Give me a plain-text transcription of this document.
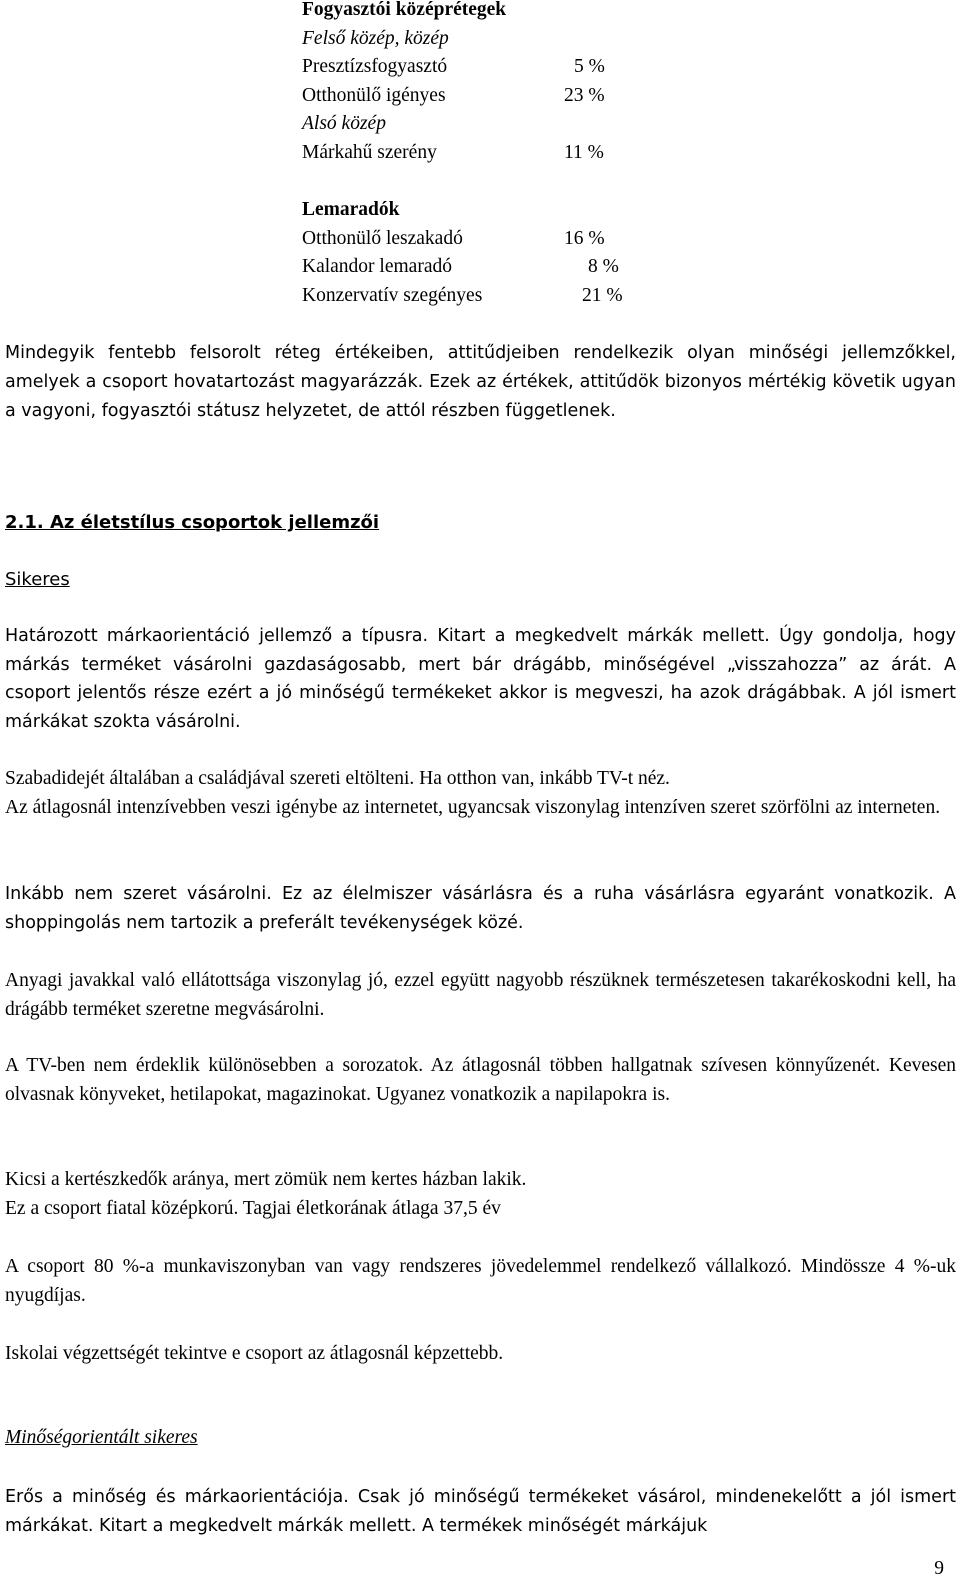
Fogyasztói középrétegek
Felső közép, közép
Presztízsfogyasztó	5 %
Otthonülő igényes	23 %
Alsó közép
Márkahű szerény	11 %
Lemaradók
Otthonülő leszakadó	16 %
Kalandor lemaradó	8 %
Konzervatív szegényes	21 %
Mindegyik fentebb felsorolt réteg értékeiben, attitűdjeiben rendelkezik olyan minőségi jellemzőkkel, amelyek a csoport hovatartozást magyarázzák. Ezek az értékek, attitűdök bizonyos mértékig követik ugyan a vagyoni, fogyasztói státusz helyzetet, de attól részben függetlenek.
2.1. Az életstílus csoportok jellemzői
Sikeres
Határozott márkaorientáció jellemző a típusra. Kitart a megkedvelt márkák mellett. Úgy gondolja, hogy márkás terméket vásárolni gazdaságosabb, mert bár drágább, minőségével „visszahozza” az árát. A csoport jelentős része ezért a jó minőségű termékeket akkor is megveszi, ha azok drágábbak. A jól ismert márkákat szokta vásárolni.
Szabadidejét általában a családjával szereti eltölteni. Ha otthon van, inkább TV-t néz.
Az átlagosnál intenzívebben veszi igénybe az internetet, ugyancsak viszonylag intenzíven szeret szörfölni az interneten.
Inkább nem szeret vásárolni. Ez az élelmiszer vásárlásra és a ruha vásárlásra egyaránt vonatkozik. A shoppingolás nem tartozik a preferált tevékenységek közé.
Anyagi javakkal való ellátottsága viszonylag jó, ezzel együtt nagyobb részüknek természetesen takarékoskodni kell, ha drágább terméket szeretne megvásárolni.
A TV-ben nem érdeklik különösebben a sorozatok. Az átlagosnál többen hallgatnak szívesen könnyűzenét. Kevesen olvasnak könyveket, hetilapokat, magazinokat. Ugyanez vonatkozik a napilapokra is.
Kicsi a kertészkedők aránya, mert zömük nem kertes házban lakik.
Ez a csoport fiatal középkorú. Tagjai életkorának átlaga 37,5 év
A csoport 80 %-a munkaviszonyban van vagy rendszeres jövedelemmel rendelkező vállalkozó. Mindössze 4 %-uk nyugdíjas.
Iskolai végzettségét tekintve e csoport az átlagosnál képzettebb.
Minőségorientált sikeres
Erős a minőség és márkaorientációja. Csak jó minőségű termékeket vásárol, mindenekelőtt a jól ismert márkákat. Kitart a megkedvelt márkák mellett. A termékek minőségét márkájuk
9
